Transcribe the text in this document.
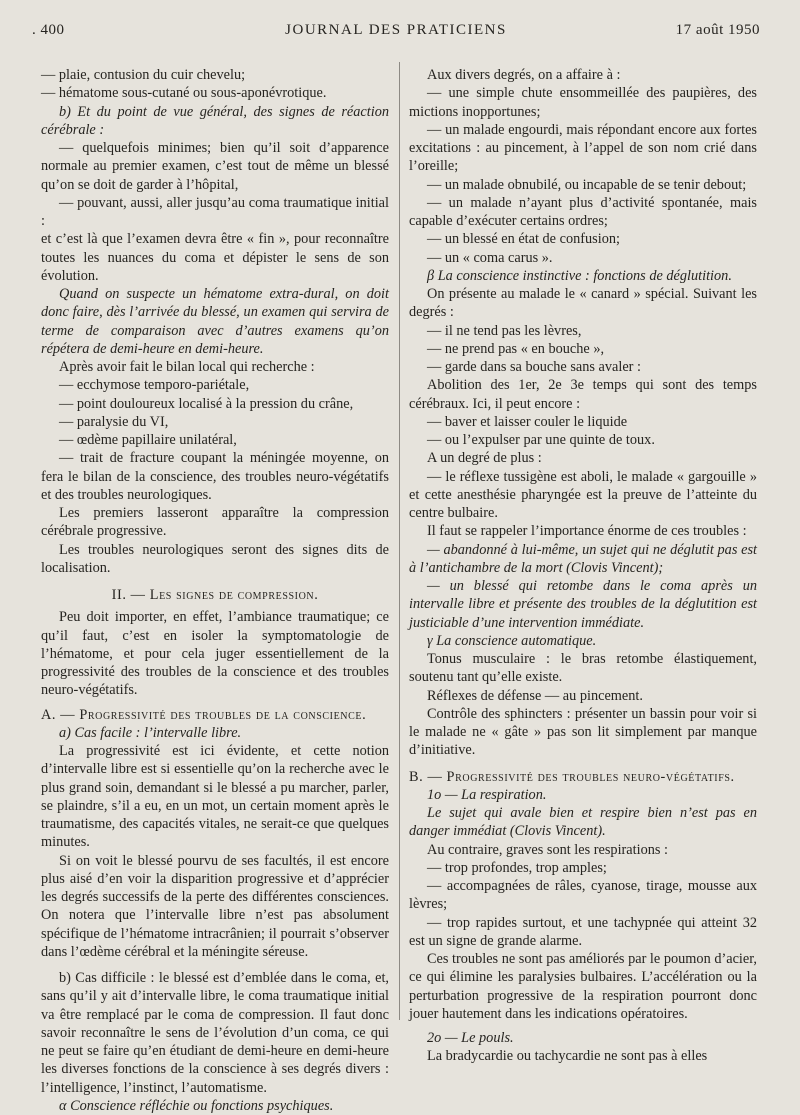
. 400	JOURNAL DES PRATICIENS	17 août 1950

— plaie, contusion du cuir chevelu;

— hématome sous-cutané ou sous-aponévrotique.

b) Et du point de vue général, des signes de réaction cérébrale :

— quelquefois minimes; bien qu’il soit d’apparence normale au premier examen, c’est tout de même un blessé qu’on se doit de garder à l’hôpital,

— pouvant, aussi, aller jusqu’au coma traumatique initial :

et c’est là que l’examen devra être « fin », pour reconnaître toutes les nuances du coma et dépister le sens de son évolution.

Quand on suspecte un hématome extra-dural, on doit donc faire, dès l’arrivée du blessé, un examen qui servira de terme de comparaison avec d’autres examens qu’on répétera de demi-heure en demi-heure.

Après avoir fait le bilan local qui recherche :

— ecchymose temporo-pariétale,

— point douloureux localisé à la pression du crâne,

— paralysie du VI,

— œdème papillaire unilatéral,

— trait de fracture coupant la méningée moyenne, on fera le bilan de la conscience, des troubles neuro-végétatifs et des troubles neurologiques.

Les premiers lasseront apparaître la compression cérébrale progressive.

Les troubles neurologiques seront des signes dits de localisation.

II. — Les signes de compression.

Peu doit importer, en effet, l’ambiance traumatique; ce qu’il faut, c’est en isoler la symptomatologie de l’hématome, et pour cela juger essentiellement de la progressivité des troubles de la conscience et des troubles neuro-végétatifs.

A. — Progressivité des troubles de la conscience.

a) Cas facile : l’intervalle libre.

La progressivité est ici évidente, et cette notion d’intervalle libre est si essentielle qu’on la recherche avec le plus grand soin, demandant si le blessé a pu marcher, parler, se plaindre, s’il a eu, en un mot, un certain moment après le traumatisme, des capacités vitales, ne serait-ce que quelques minutes.

Si on voit le blessé pourvu de ses facultés, il est encore plus aisé d’en voir la disparition progressive et d’apprécier les degrés successifs de la perte des différentes consciences. On notera que l’intervalle libre n’est pas absolument spécifique de l’hématome intracrânien; il pourrait s’observer dans l’œdème cérébral et la méningite séreuse.

b) Cas difficile : le blessé est d’emblée dans le coma, et, sans qu’il y ait d’intervalle libre, le coma traumatique initial va être remplacé par le coma de compression. Il faut donc savoir reconnaître le sens de l’évolution d’un coma, ce qui ne peut se faire qu’en étudiant de demi-heure en demi-heure les diverses fonctions de la conscience à ses degrés divers : l’intelligence, l’instinct, l’automatisme.

α Conscience réfléchie ou fonctions psychiques.

Aux divers degrés, on a affaire à :

— une simple chute ensommeillée des paupières, des mictions inopportunes;

— un malade engourdi, mais répondant encore aux fortes excitations : au pincement, à l’appel de son nom crié dans l’oreille;

— un malade obnubilé, ou incapable de se tenir debout;

— un malade n’ayant plus d’activité spontanée, mais capable d’exécuter certains ordres;

— un blessé en état de confusion;

— un « coma carus ».

β La conscience instinctive : fonctions de déglutition.

On présente au malade le « canard » spécial. Suivant les degrés :

— il ne tend pas les lèvres,

— ne prend pas « en bouche »,

— garde dans sa bouche sans avaler :

Abolition des 1er, 2e 3e temps qui sont des temps cérébraux. Ici, il peut encore :

— baver et laisser couler le liquide

— ou l’expulser par une quinte de toux.

A un degré de plus :

— le réflexe tussigène est aboli, le malade « gargouille » et cette anesthésie pharyngée est la preuve de l’atteinte du centre bulbaire.

Il faut se rappeler l’importance énorme de ces troubles :

— abandonné à lui-même, un sujet qui ne déglutit pas est à l’antichambre de la mort (Clovis Vincent);

— un blessé qui retombe dans le coma après un intervalle libre et présente des troubles de la déglutition est justiciable d’une intervention immédiate.

γ La conscience automatique.

Tonus musculaire : le bras retombe élastiquement, soutenu tant qu’elle existe.

Réflexes de défense — au pincement.

Contrôle des sphincters : présenter un bassin pour voir si le malade ne « gâte » pas son lit simplement par manque d’initiative.

B. — Progressivité des troubles neuro-végétatifs.

1o — La respiration.

Le sujet qui avale bien et respire bien n’est pas en danger immédiat (Clovis Vincent).

Au contraire, graves sont les respirations :

— trop profondes, trop amples;

— accompagnées de râles, cyanose, tirage, mousse aux lèvres;

— trop rapides surtout, et une tachypnée qui atteint 32 est un signe de grande alarme.

Ces troubles ne sont pas améliorés par le poumon d’acier, ce qui élimine les paralysies bulbaires. L’accélération ou la perturbation progressive de la respiration pourront donc jouer hautement dans les indications opératoires.

2o — Le pouls.

La bradycardie ou tachycardie ne sont pas à elles
